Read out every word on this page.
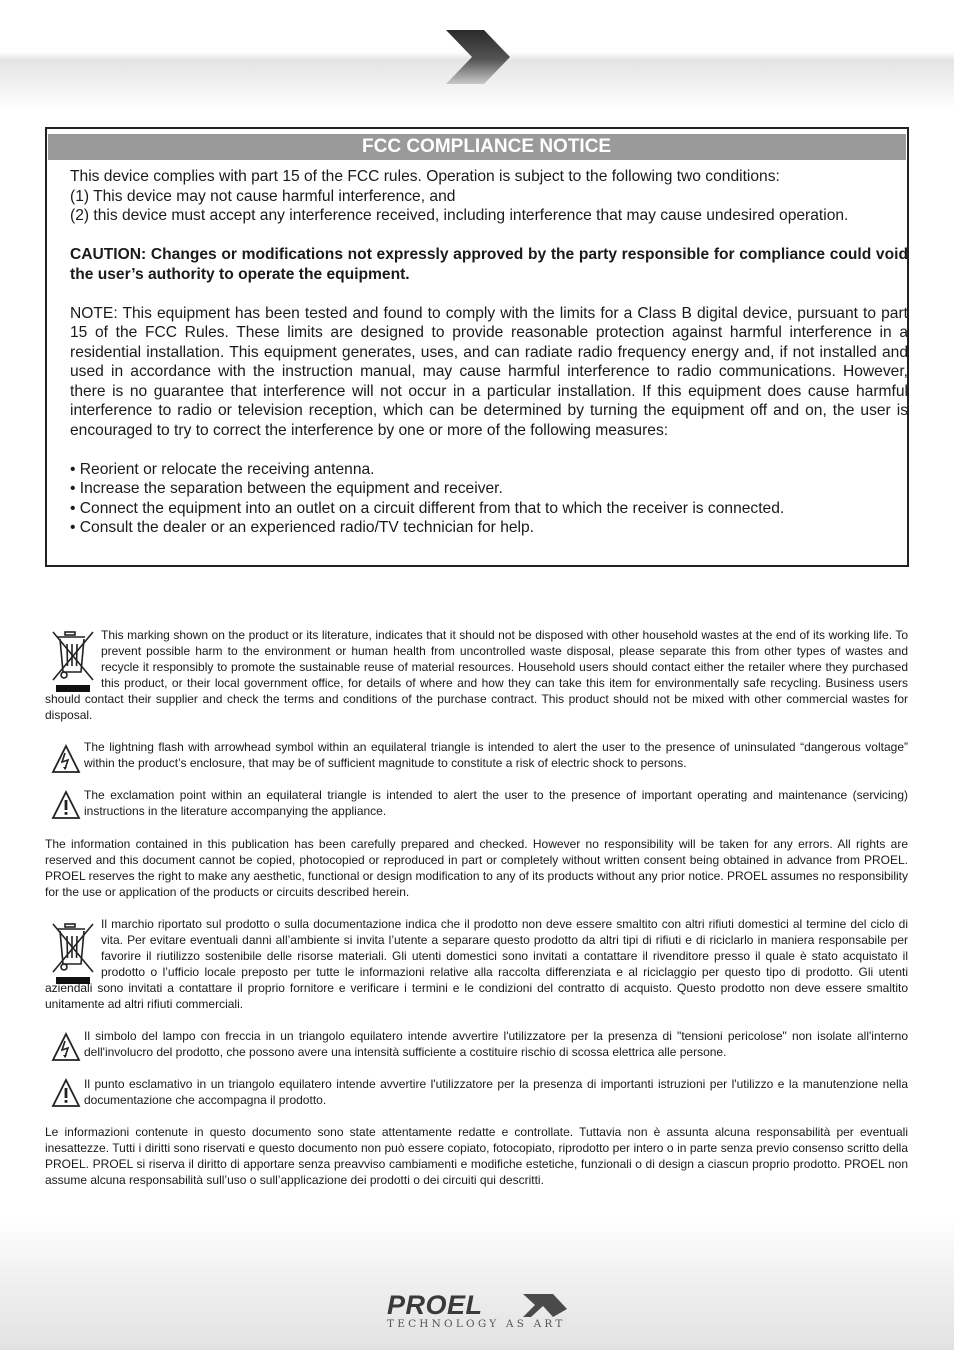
FCC COMPLIANCE NOTICE

This device complies with part 15 of the FCC rules. Operation is subject to the following two conditions:

(1) This device may not cause harmful interference, and

(2) this device must accept any interference received, including interference that may cause undesired operation.

CAUTION: Changes or modifications not expressly approved by the party responsible for compliance could void the user’s authority to operate the equipment.

NOTE: This equipment has been tested and found to comply with the limits for a Class B digital device, pursuant to part 15 of the FCC Rules. These limits are designed to provide reasonable protection against harmful interference in a residential installation. This equipment generates, uses, and can radiate radio frequency energy and, if not installed and used in accordance with the instruction manual, may cause harmful interference to radio communications. However, there is no guarantee that interference will not occur in a particular installation. If this equipment does cause harmful interference to radio or television reception, which can be determined by turning the equipment off and on, the user is encouraged to try to correct the interference by one or more of the following measures:

• Reorient or relocate the receiving antenna.

• Increase the separation between the equipment and receiver.

• Connect the equipment into an outlet on a circuit different from that to which the receiver is connected.

• Consult the dealer or an experienced radio/TV technician for help.

This marking shown on the product or its literature, indicates that it should not be disposed with other household wastes at the end of its working life. To prevent possible harm to the environment or human health from uncontrolled waste disposal, please separate this from other types of wastes and recycle it responsibly to promote the sustainable reuse of material resources. Household users should contact either the retailer where they purchased this product, or their local government office, for details of where and how they can take this item for environmentally safe recycling. Business users should contact their supplier and check the terms and conditions of the purchase contract. This product should not be mixed with other commercial wastes for disposal.

The lightning flash with arrowhead symbol within an equilateral triangle is intended to alert the user to the presence of uninsulated “dangerous voltage” within the product’s enclosure, that may be of sufficient magnitude to constitute a risk of electric shock to persons.

The exclamation point within an equilateral triangle is intended to alert the user to the presence of important operating and maintenance (servicing) instructions in the literature accompanying the appliance.

The information contained in this publication has been carefully prepared and checked. However no responsibility will be taken for any errors. All rights are reserved and this document cannot be copied, photocopied or reproduced in part or completely without written consent being obtained in advance from PROEL. PROEL reserves the right to make any aesthetic, functional or design modification to any of its products without any prior notice. PROEL assumes no responsibility for the use or application of the products or circuits described herein.

Il marchio riportato sul prodotto o sulla documentazione indica che il prodotto non deve essere smaltito con altri rifiuti domestici al termine del ciclo di vita. Per evitare eventuali danni all’ambiente si invita l’utente a separare questo prodotto da altri tipi di rifiuti e di riciclarlo in maniera responsabile per favorire il riutilizzo sostenibile delle risorse materiali. Gli utenti domestici sono invitati a contattare il rivenditore presso il quale è stato acquistato il prodotto o l’ufficio locale preposto per tutte le informazioni relative alla raccolta differenziata e al riciclaggio per questo tipo di prodotto. Gli utenti aziendali sono invitati a contattare il proprio fornitore e verificare i termini e le condizioni del contratto di acquisto. Questo prodotto non deve essere smaltito unitamente ad altri rifiuti commerciali.

Il simbolo del lampo con freccia in un triangolo equilatero intende avvertire l'utilizzatore per la presenza di "tensioni pericolose" non isolate all'interno dell'involucro del prodotto, che possono avere una intensità sufficiente a costituire rischio di scossa elettrica alle persone.

Il punto esclamativo in un triangolo equilatero intende avvertire l'utilizzatore per la presenza di importanti istruzioni per l'utilizzo e la manutenzione nella documentazione che accompagna il prodotto.

Le informazioni contenute in questo documento sono state attentamente redatte e controllate. Tuttavia non è assunta alcuna responsabilità per eventuali inesattezze. Tutti i diritti sono riservati e questo documento non può essere copiato, fotocopiato, riprodotto per intero o in parte senza previo consenso scritto della PROEL. PROEL si riserva il diritto di apportare senza preavviso cambiamenti e modifiche estetiche, funzionali o di design a ciascun proprio prodotto. PROEL non assume alcuna responsabilità sull’uso o sull’applicazione dei prodotti o dei circuiti qui descritti.

PROEL
TECHNOLOGY AS ART
